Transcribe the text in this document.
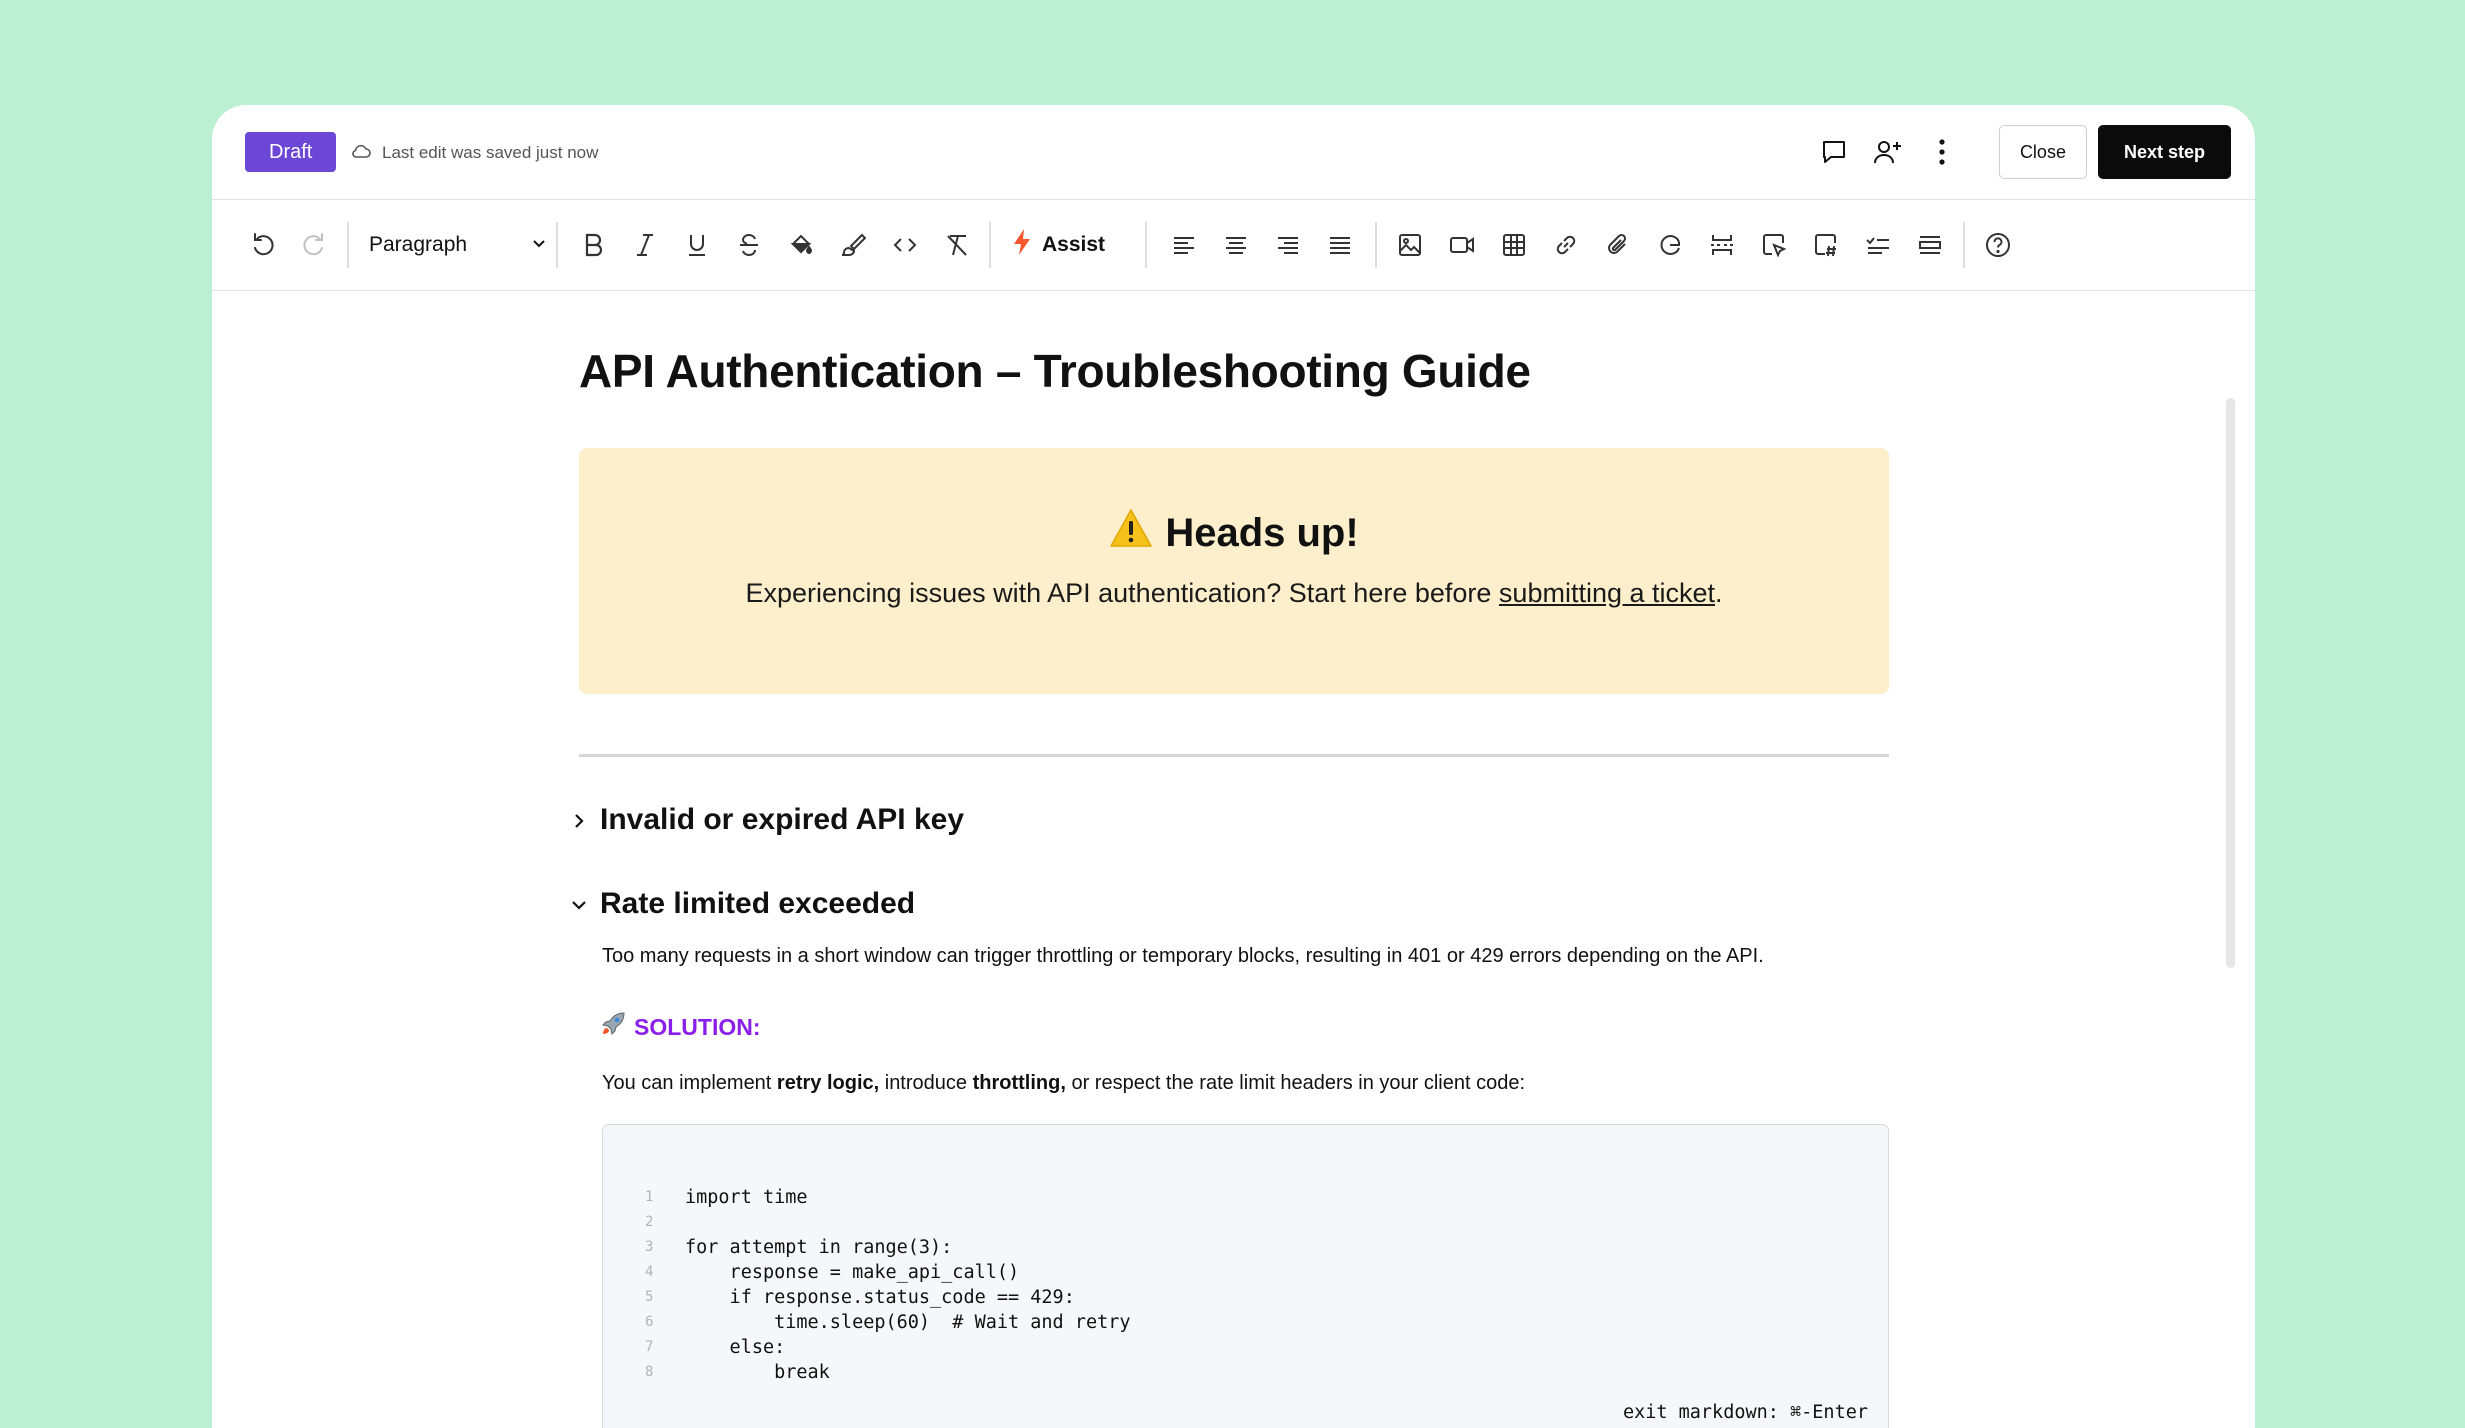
Draft	Last edit was saved just now	Close	Next step
Paragraph	Assist
API Authentication – Troubleshooting Guide
Heads up!
Experiencing issues with API authentication? Start here before submitting a ticket.
Invalid or expired API key
Rate limited exceeded
Too many requests in a short window can trigger throttling or temporary blocks, resulting in 401 or 429 errors depending on the API.
SOLUTION:
You can implement retry logic, introduce throttling, or respect the rate limit headers in your client code:
1	import time
2
3	for attempt in range(3):
4	response = make_api_call()
5	if response.status_code == 429:
6	time.sleep(60)  # Wait and retry
7	else:
8	break
exit markdown: ⌘-Enter
